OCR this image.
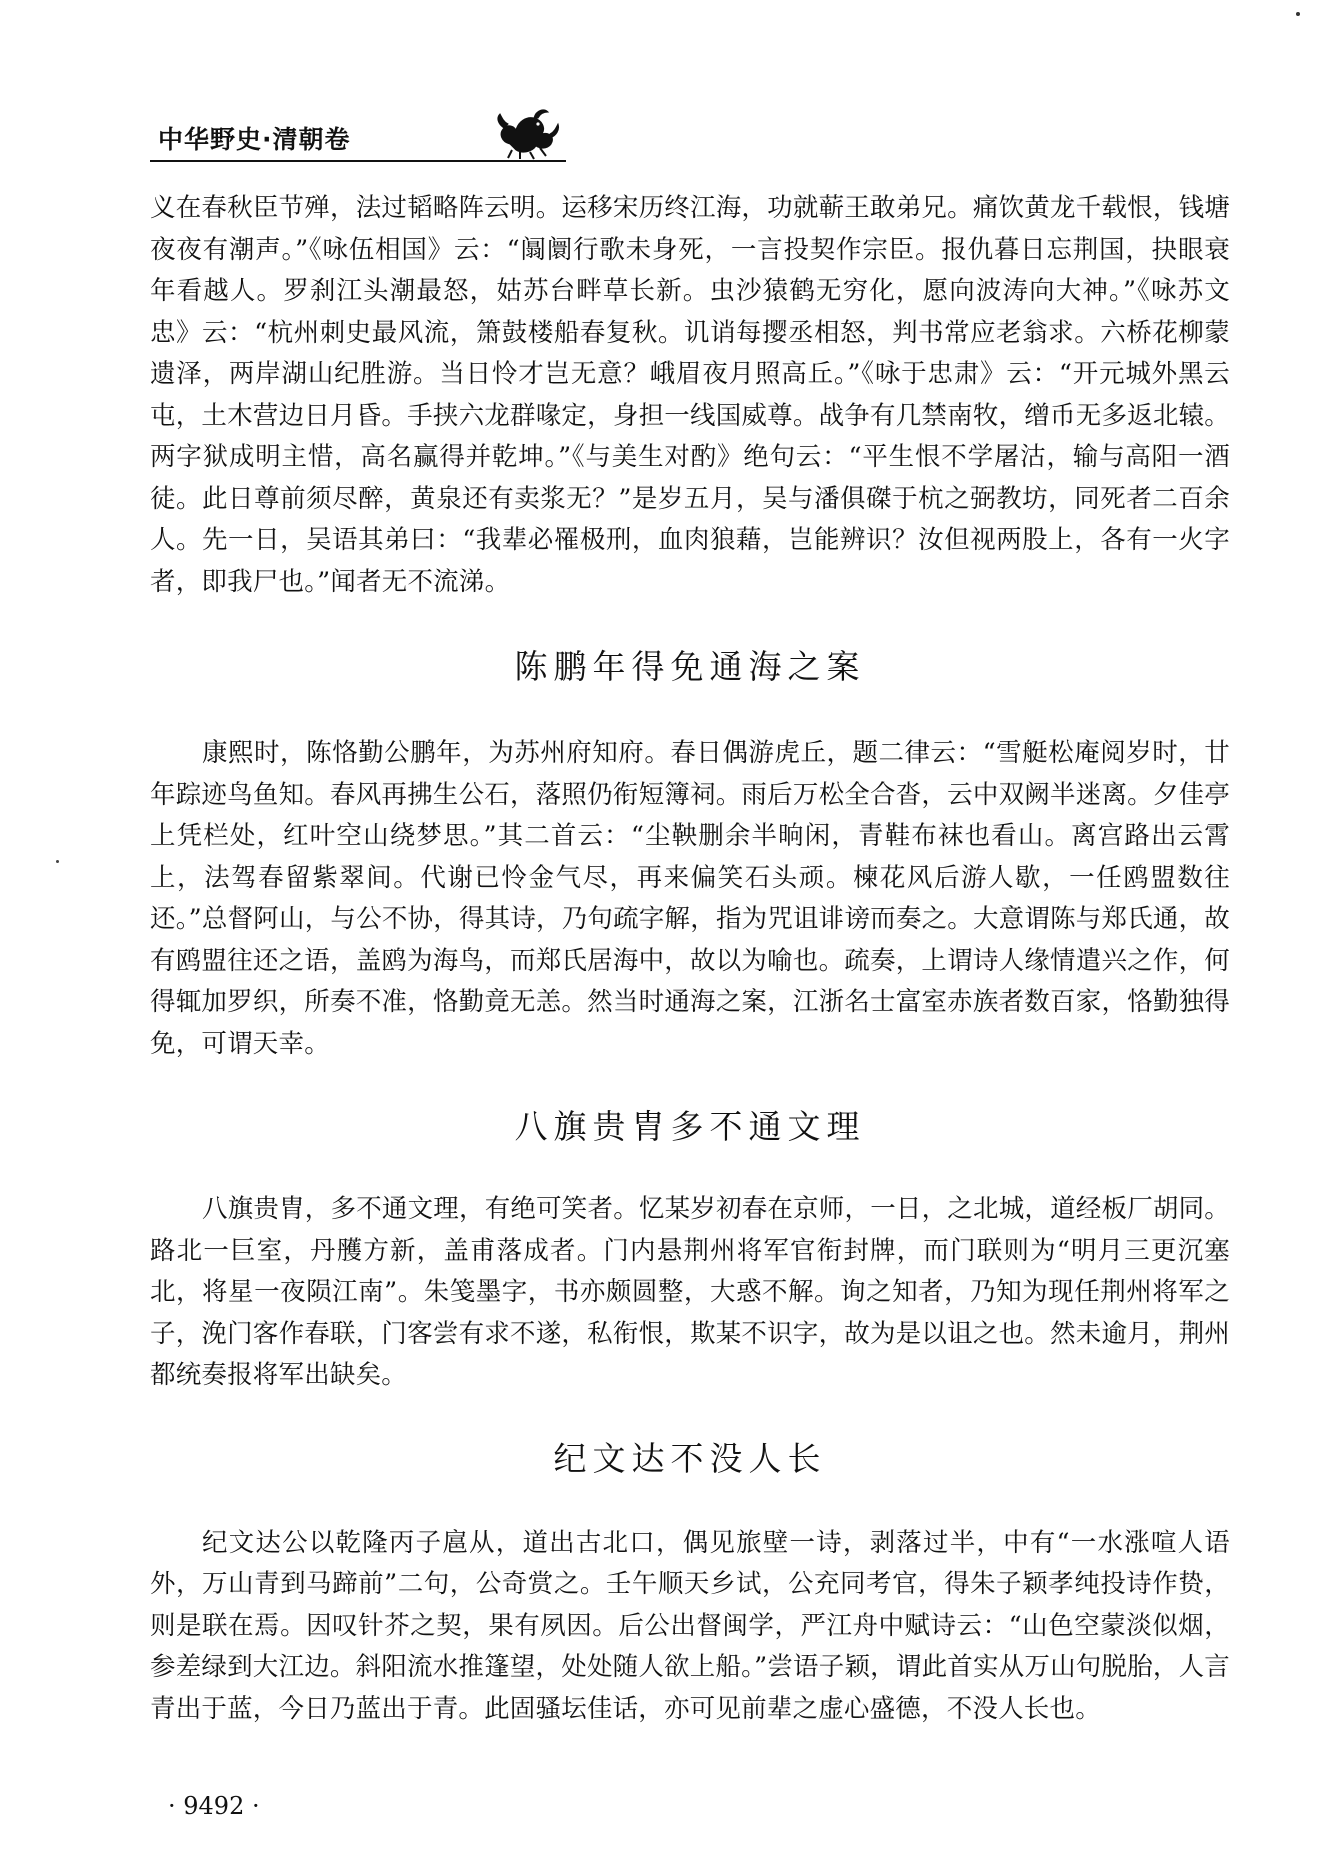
中华野史·清朝卷

义在春秋臣节殚，法过韬略阵云明。运移宋历终江海，功就蕲王敢弟兄。痛饮黄龙千载恨，钱塘夜夜有潮声。”《咏伍相国》云：“阘阛行歌未身死，一言投契作宗臣。报仇暮日忘荆国，抉眼衰年看越人。罗刹江头潮最怒，姑苏台畔草长新。虫沙猿鹤无穷化，愿向波涛向大神。”《咏苏文忠》云：“杭州刺史最风流，箫鼓楼船春复秋。讥诮每撄丞相怒，判书常应老翁求。六桥花柳蒙遗泽，两岸湖山纪胜游。当日怜才岂无意？峨眉夜月照高丘。”《咏于忠肃》云：“开元城外黑云屯，土木营边日月昏。手挟六龙群喙定，身担一线国威尊。战争有几禁南牧，缯币无多返北辕。两字狱成明主惜，高名赢得并乾坤。”《与美生对酌》绝句云：“平生恨不学屠沽，输与高阳一酒徒。此日尊前须尽醉，黄泉还有卖浆无？”是岁五月，吴与潘俱磔于杭之弼教坊，同死者二百余人。先一日，吴语其弟曰：“我辈必罹极刑，血肉狼藉，岂能辨识？汝但视两股上，各有一火字者，即我尸也。”闻者无不流涕。

陈鹏年得免通海之案

康熙时，陈恪勤公鹏年，为苏州府知府。春日偶游虎丘，题二律云：“雪艇松庵阅岁时，廿年踪迹鸟鱼知。春风再拂生公石，落照仍衔短簿祠。雨后万松全合沓，云中双阙半迷离。夕佳亭上凭栏处，红叶空山绕梦思。”其二首云：“尘鞅删余半晌闲，青鞋布袜也看山。离宫路出云霄上，法驾春留紫翠间。代谢已怜金气尽，再来偏笑石头顽。楝花风后游人歇，一任鸥盟数往还。”总督阿山，与公不协，得其诗，乃句疏字解，指为咒诅诽谤而奏之。大意谓陈与郑氏通，故有鸥盟往还之语，盖鸥为海鸟，而郑氏居海中，故以为喻也。疏奏，上谓诗人缘情遣兴之作，何得辄加罗织，所奏不准，恪勤竟无恙。然当时通海之案，江浙名士富室赤族者数百家，恪勤独得免，可谓天幸。

八旗贵胄多不通文理

八旗贵胄，多不通文理，有绝可笑者。忆某岁初春在京师，一日，之北城，道经板厂胡同。路北一巨室，丹雘方新，盖甫落成者。门内悬荆州将军官衔封牌，而门联则为“明月三更沉塞北，将星一夜陨江南”。朱笺墨字，书亦颇圆整，大惑不解。询之知者，乃知为现任荆州将军之子，浼门客作春联，门客尝有求不遂，私衔恨，欺某不识字，故为是以诅之也。然未逾月，荆州都统奏报将军出缺矣。

纪文达不没人长

纪文达公以乾隆丙子扈从，道出古北口，偶见旅壁一诗，剥落过半，中有“一水涨喧人语外，万山青到马蹄前”二句，公奇赏之。壬午顺天乡试，公充同考官，得朱子颖孝纯投诗作贽，则是联在焉。因叹针芥之契，果有夙因。后公出督闽学，严江舟中赋诗云：“山色空蒙淡似烟，参差绿到大江边。斜阳流水推篷望，处处随人欲上船。”尝语子颖，谓此首实从万山句脱胎，人言青出于蓝，今日乃蓝出于青。此固骚坛佳话，亦可见前辈之虚心盛德，不没人长也。

· 9492 ·
